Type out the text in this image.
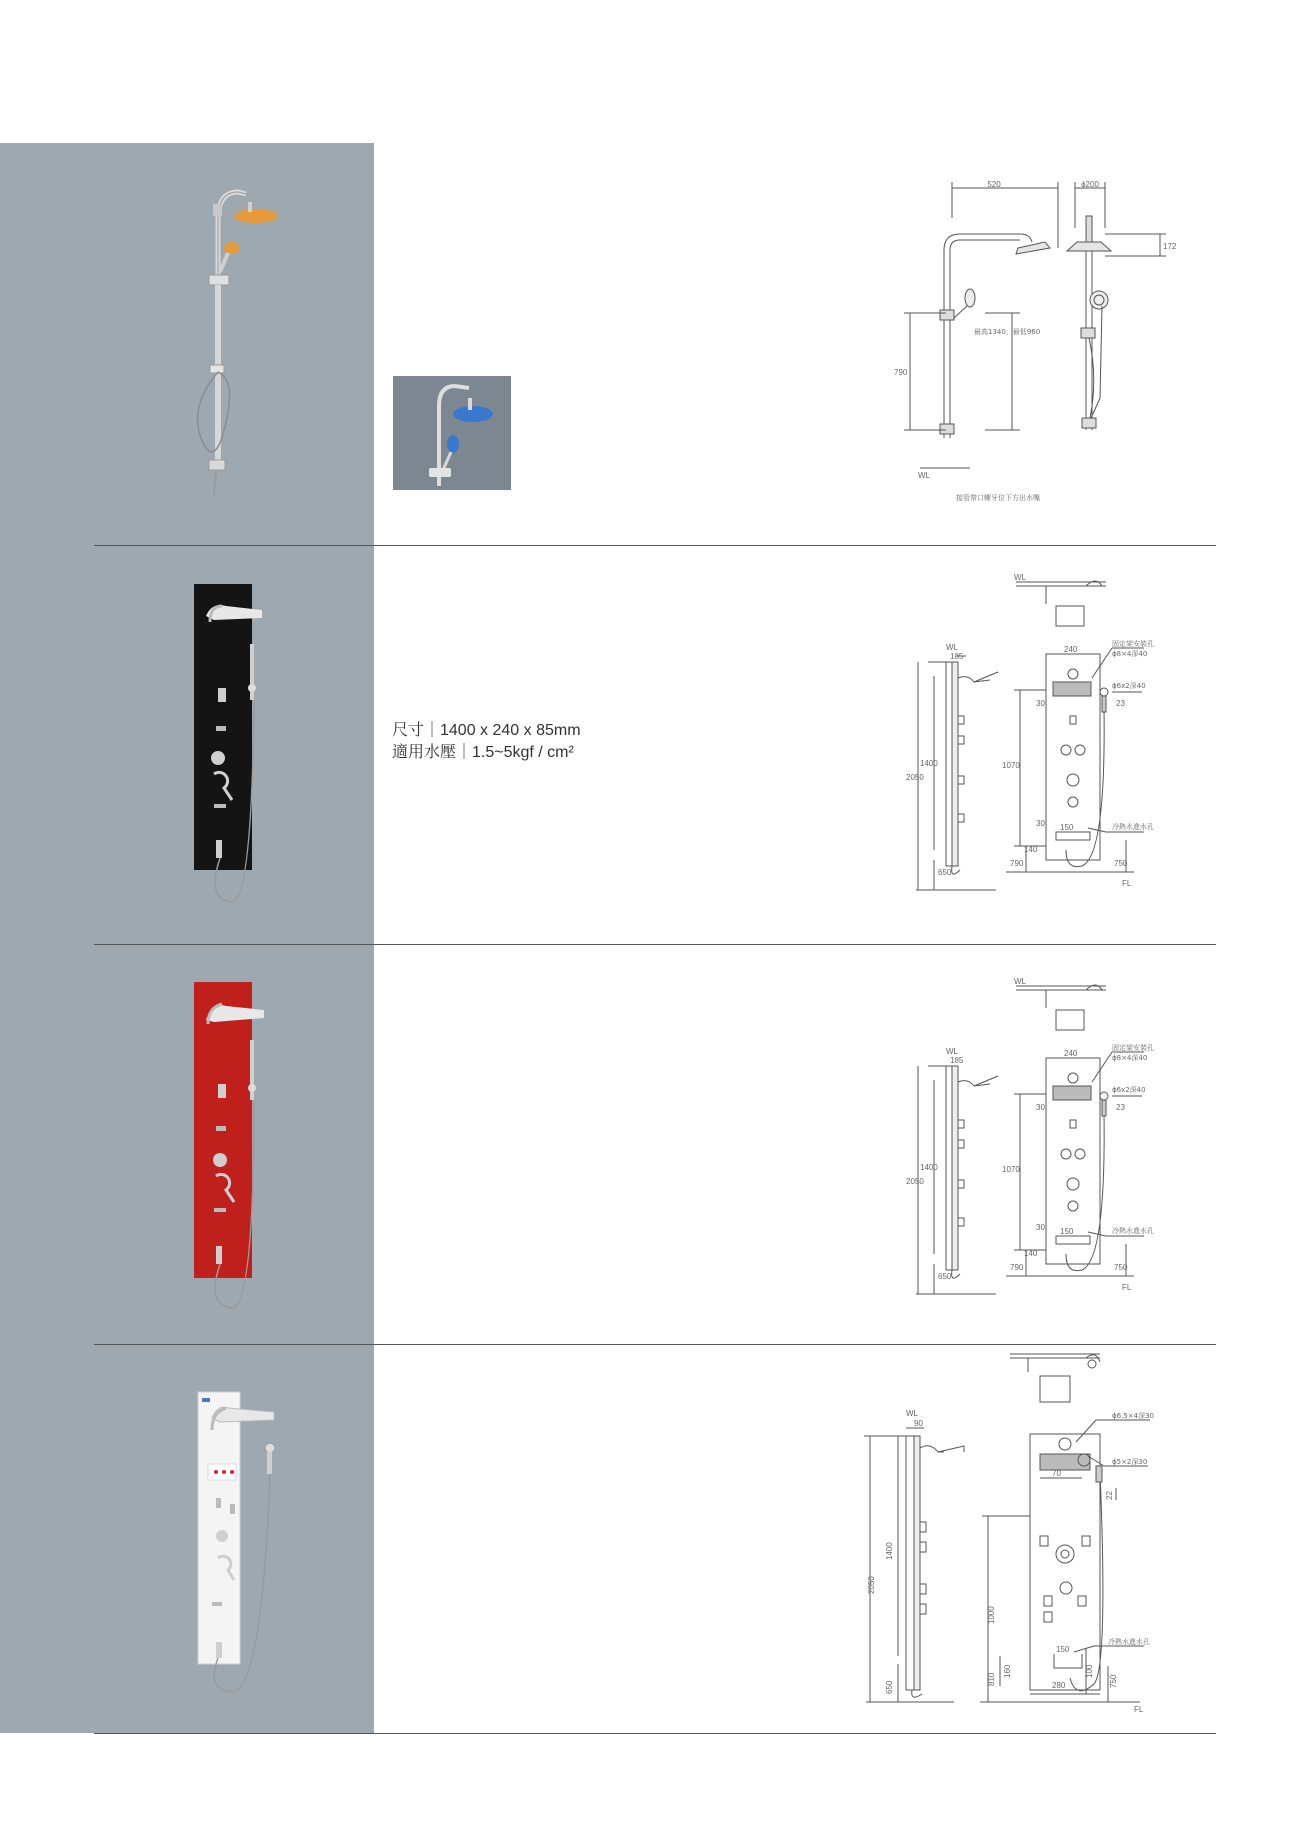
520	ϕ200
172
790
最高1340，最低960
WL
接管帶口螺牙位下方出水嘴
尺寸｜1400 x 240 x 85mm
適用水壓｜1.5~5kgf / cm²
WL
185
WL
240
1400
2050
1070
30
30
140
150
23
790	750
650
FL
固定架安裝孔
ϕ8×4深40
ϕ6x2深40
冷熱水進水孔
WL
185
WL
240
1400
2050
1070
30
30
140
150
23
790	750
650
FL
固定架安裝孔
ϕ8×4深40
ϕ6x2深40
冷熱水進水孔
WL
90
2050
1400
1000
70
22
150
160	100
810	280	750
650
FL
ϕ6.5×4深30
ϕ5×2深30
冷熱水進水孔
